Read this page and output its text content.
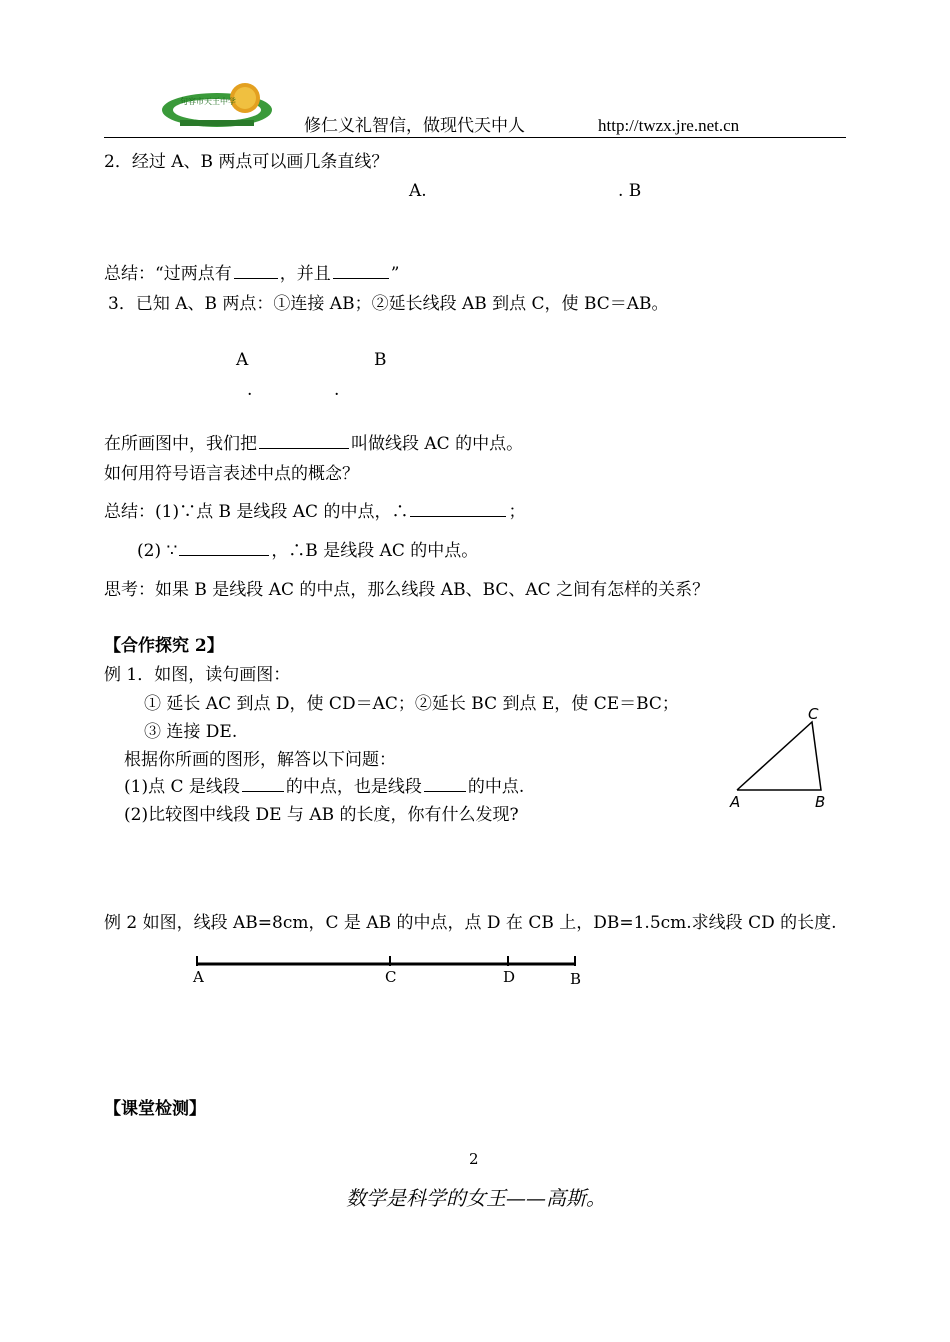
句容市天王中学
修仁义礼智信，做现代天中人	http://twzx.jre.net.cn
2．经过 A、B 两点可以画几条直线？
A.	. B
总结：“过两点有	，并且	”
3．已知 A、B 两点：①连接 AB；②延长线段 AB 到点 C，使 BC＝AB。
A	B
.	.
在所画图中，我们把	叫做线段 AC 的中点。
如何用符号语言表述中点的概念？
总结：(1)∵点 B 是线段 AC 的中点，∴	；
(2) ∵	，∴B 是线段 AC 的中点。
思考：如果 B 是线段 AC 的中点，那么线段 AB、BC、AC 之间有怎样的关系？
【合作探究 2】
例 1．如图，读句画图：
① 延长 AC 到点 D，使 CD＝AC；②延长 BC 到点 E，使 CE＝BC；
③ 连接 DE.
根据你所画的图形，解答以下问题：
(1)点 C 是线段	的中点，也是线段	的中点.
(2)比较图中线段 DE 与 AB 的长度，你有什么发现?
C
A	B
例 2 如图，线段 AB=8cm，C 是 AB 的中点，点 D 在 CB 上，DB=1.5cm.求线段 CD 的长度.
A	C	D	B
【课堂检测】
2
数学是科学的女王——高斯。
